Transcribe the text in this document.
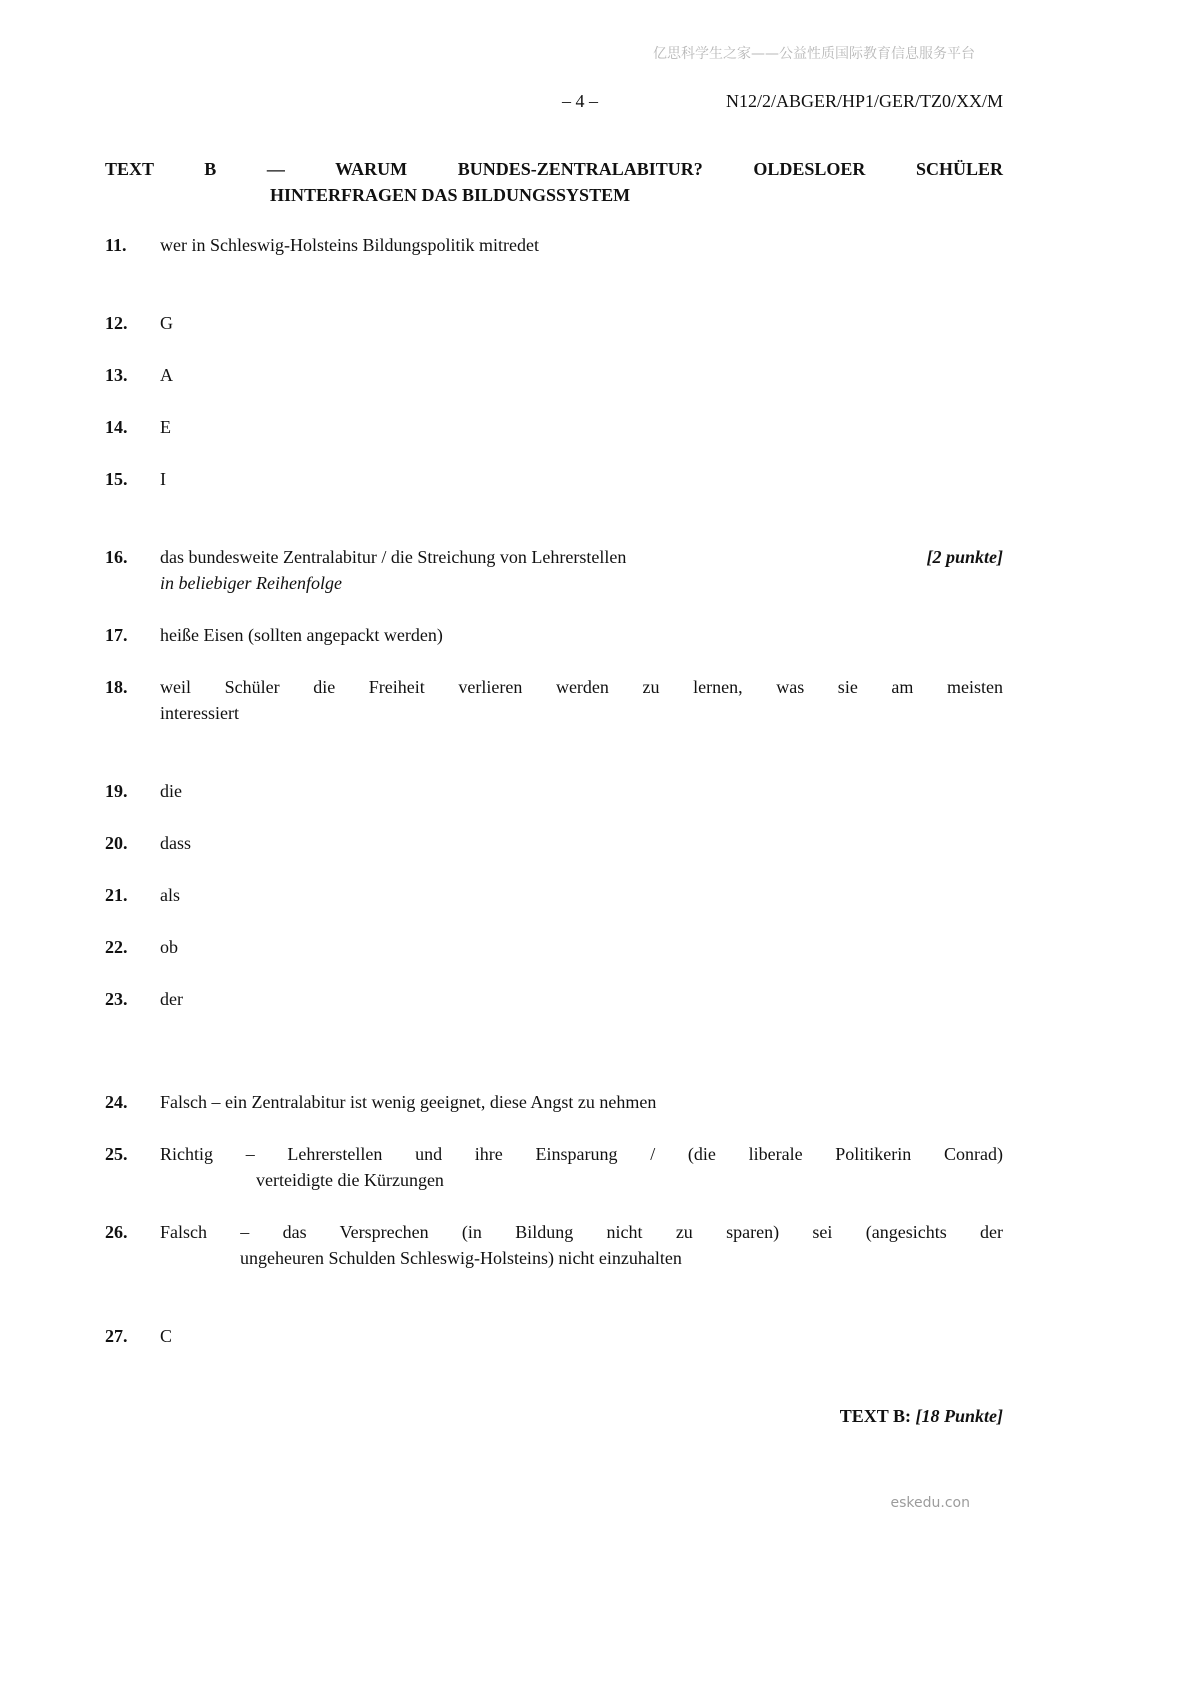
亿思科学生之家——公益性质国际教育信息服务平台
– 4 –	N12/2/ABGER/HP1/GER/TZ0/XX/M
TEXT B — WARUM BUNDES-ZENTRALABITUR? OLDESLOER SCHÜLER
HINTERFRAGEN DAS BILDUNGSSYSTEM
11.	wer in Schleswig-Holsteins Bildungspolitik mitredet
12.	G
13.	A
14.	E
15.	I
16.	das bundesweite Zentralabitur / die Streichung von Lehrerstellen	[2 punkte]
in beliebiger Reihenfolge
17.	heiße Eisen (sollten angepackt werden)
18.	weil Schüler die Freiheit verlieren werden zu lernen, was sie am meisten
interessiert
19.	die
20.	dass
21.	als
22.	ob
23.	der
24.	Falsch – ein Zentralabitur ist wenig geeignet, diese Angst zu nehmen
25.	Richtig – Lehrerstellen und ihre Einsparung / (die liberale Politikerin Conrad)
verteidigte die Kürzungen
26.	Falsch – das Versprechen (in Bildung nicht zu sparen) sei (angesichts der
ungeheuren Schulden Schleswig-Holsteins) nicht einzuhalten
27.	C
TEXT B: [18 Punkte]
eskedu.con
